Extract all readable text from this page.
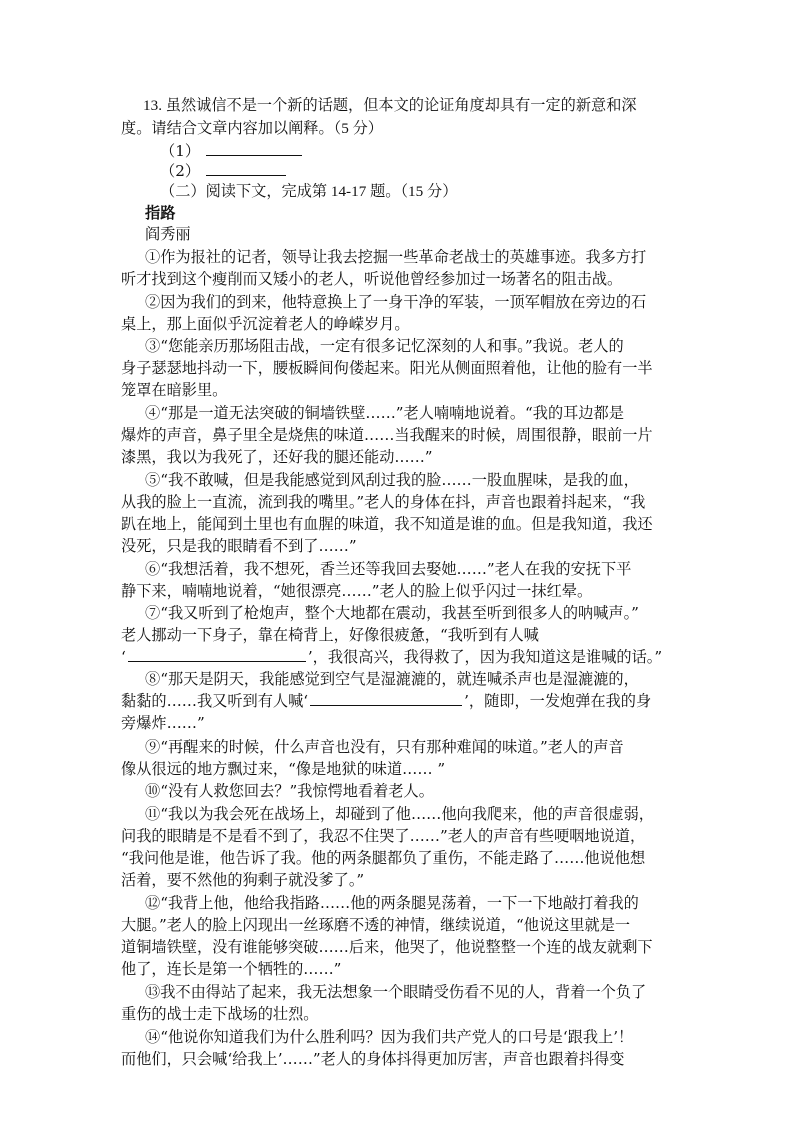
13. 虽然诚信不是一个新的话题，但本文的论证角度却具有一定的新意和深
度。请结合文章内容加以阐释。（5 分）
（1）
（2）
（二）阅读下文，完成第 14-17 题。（15 分）
指路
阎秀丽
①作为报社的记者，领导让我去挖掘一些革命老战士的英雄事迹。我多方打
听才找到这个瘦削而又矮小的老人，听说他曾经参加过一场著名的阻击战。
②因为我们的到来，他特意换上了一身干净的军装，一顶军帽放在旁边的石
桌上，那上面似乎沉淀着老人的峥嵘岁月。
③“您能亲历那场阻击战，一定有很多记忆深刻的人和事。”我说。老人的
身子瑟瑟地抖动一下，腰板瞬间佝偻起来。阳光从侧面照着他，让他的脸有一半
笼罩在暗影里。
④“那是一道无法突破的铜墙铁壁……”老人喃喃地说着。“我的耳边都是
爆炸的声音，鼻子里全是烧焦的味道……当我醒来的时候，周围很静，眼前一片
漆黑，我以为我死了，还好我的腿还能动……”
⑤“我不敢喊，但是我能感觉到风刮过我的脸……一股血腥味，是我的血，
从我的脸上一直流，流到我的嘴里。”老人的身体在抖，声音也跟着抖起来，“我
趴在地上，能闻到土里也有血腥的味道，我不知道是谁的血。但是我知道，我还
没死，只是我的眼睛看不到了……”
⑥“我想活着，我不想死，香兰还等我回去娶她……”老人在我的安抚下平
静下来，喃喃地说着，“她很漂亮……”老人的脸上似乎闪过一抹红晕。
⑦“我又听到了枪炮声，整个大地都在震动，我甚至听到很多人的呐喊声。”
老人挪动一下身子，靠在椅背上，好像很疲惫，“我听到有人喊
‘	’，我很高兴，我得救了，因为我知道这是谁喊的话。”
⑧“那天是阴天，我能感觉到空气是湿漉漉的，就连喊杀声也是湿漉漉的，
黏黏的……我又听到有人喊‘	’，随即，一发炮弹在我的身
旁爆炸……”
⑨“再醒来的时候，什么声音也没有，只有那种难闻的味道。”老人的声音
像从很远的地方飘过来，“像是地狱的味道…… ”
⑩“没有人救您回去？”我惊愕地看着老人。
⑪“我以为我会死在战场上，却碰到了他……他向我爬来，他的声音很虚弱，
问我的眼睛是不是看不到了，我忍不住哭了……”老人的声音有些哽咽地说道，
“我问他是谁，他告诉了我。他的两条腿都负了重伤，不能走路了……他说他想
活着，要不然他的狗剩子就没爹了。”
⑫“我背上他，他给我指路……他的两条腿晃荡着，一下一下地敲打着我的
大腿。”老人的脸上闪现出一丝琢磨不透的神情，继续说道，“他说这里就是一
道铜墙铁壁，没有谁能够突破……后来，他哭了，他说整整一个连的战友就剩下
他了，连长是第一个牺牲的……”
⑬我不由得站了起来，我无法想象一个眼睛受伤看不见的人，背着一个负了
重伤的战士走下战场的壮烈。
⑭“他说你知道我们为什么胜利吗？因为我们共产党人的口号是‘跟我上’！
而他们，只会喊‘给我上’……”老人的身体抖得更加厉害，声音也跟着抖得变
